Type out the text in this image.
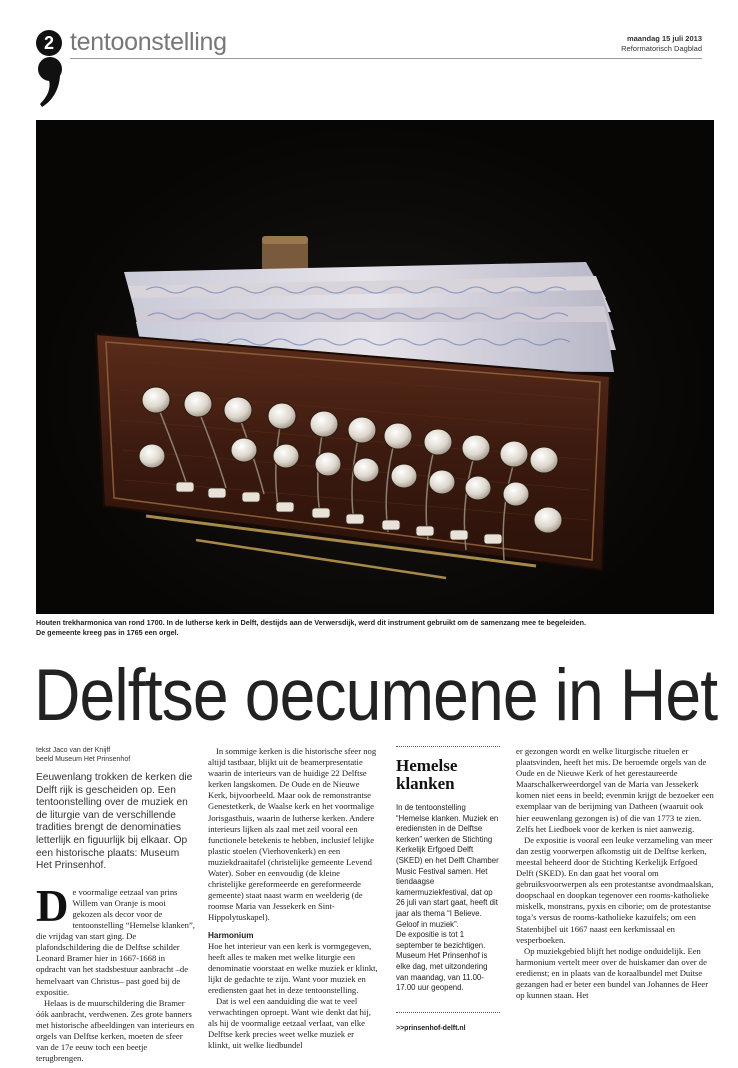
2 tentoonstelling	maandag 15 juli 2013
Reformatorisch Dagblad
Houten trekharmonica van rond 1700. In de lutherse kerk in Delft, destijds aan de Verwersdijk, werd dit instrument gebruikt om de samenzang mee te begeleiden.
De gemeente kreeg pas in 1765 een orgel.
Delftse oecumene in Het
tekst Jaco van der Knijff
beeld Museum Het Prinsenhof
Eeuwenlang trokken de kerken die Delft rijk is gescheiden op. Een tentoonstelling over de muziek en de liturgie van de verschillende tradities brengt de denominaties letterlijk en figuurlijk bij elkaar. Op een historische plaats: Museum Het Prinsenhof.
D e voormalige eetzaal van prins Willem van Oranje is mooi gekozen als decor voor de tentoonstelling “Hemelse klanken”, die vrijdag van start ging. De plafondschildering die de Delftse schilder Leonard Bramer hier in 1667-1668 in opdracht van het stadsbestuur aanbracht –de hemelvaart van Christus– past goed bij de expositie.

Helaas is de muurschildering die Bramer óók aanbracht, verdwenen. Zes grote banners met historische afbeeldingen van interieurs en orgels van Delftse kerken, moeten de sfeer van de 17e eeuw toch een beetje terugbrengen.

In sommige kerken is die historische sfeer nog altijd tastbaar, blijkt uit de beamerpresentatie waarin de interieurs van de huidige 22 Delftse kerken langskomen. De Oude en de Nieuwe Kerk, bijvoorbeeld. Maar ook de remonstrantse Genestetkerk, de Waalse kerk en het voormalige Jorisgasthuis, waarin de lutherse kerken. Andere interieurs lijken als zaal met zeil vooral een functionele betekenis te hebben, inclusief lelijke plastic stoelen (Vierhovenkerk) en een muziekdraaitafel (christelijke gemeente Levend Water). Sober en eenvoudig (de kleine christelijke gereformeerde en gereformeerde gemeente) staat naast warm en weelderig (de roomse Maria van Jessekerk en Sint-Hippolytuskapel).

Harmonium

Hoe het interieur van een kerk is vormgegeven, heeft alles te maken met welke liturgie een denominatie voorstaat en welke muziek er klinkt, lijkt de gedachte te zijn. Want voor muziek en erediensten gaat het in deze tentoonstelling.

Dat is wel een aanduiding die wat te veel verwachtingen oproept. Want wie denkt dat hij, als hij de voormalige eetzaal verlaat, van elke Delftse kerk precies weet welke muziek er klinkt, uit welke liedbundel

Hemelse klanken

In de tentoonstelling “Hemelse klanken. Muziek en erediensten in de Delftse kerken” werken de Stichting Kerkelijk Erfgoed Delft (SKED) en het Delft Chamber Music Festival samen. Het tiendaagse kamermuziekfestival, dat op 26 juli van start gaat, heeft dit jaar als thema “I Believe. Geloof in muziek”.

De expositie is tot 1 september te bezichtigen. Museum Het Prinsenhof is elke dag, met uitzondering van maandag, van 11.00-17.00 uur geopend.

>>prinsenhof-delft.nl

er gezongen wordt en welke liturgische rituelen er plaatsvinden, heeft het mis. De beroemde orgels van de Oude en de Nieuwe Kerk of het gerestaureerde Maarschalkerweerdorgel van de Maria van Jessekerk komen niet eens in beeld; evenmin krijgt de bezoeker een exemplaar van de berijming van Datheen (waaruit ook hier eeuwenlang gezongen is) of die van 1773 te zien. Zelfs het Liedboek voor de kerken is niet aanwezig.

De expositie is vooral een leuke verzameling van meer dan zestig voorwerpen afkomstig uit de Delftse kerken, meestal beheerd door de Stichting Kerkelijk Erfgoed Delft (SKED). En dan gaat het vooral om gebruiksvoorwerpen als een protestantse avondmaalskan, doopschaal en doopkan tegenover een rooms-katholieke miskelk, monstrans, pyxis en ciborie; om de protestantse toga’s versus de rooms-katholieke kazuifels; om een Statenbijbel uit 1667 naast een kerkmissaal en vesperboeken.

Op muziekgebied blijft het nodige onduidelijk. Een harmonium vertelt meer over de huiskamer dan over de eredienst; en in plaats van de koraalbundel met Duitse gezangen had er beter een bundel van Johannes de Heer op kunnen staan. Het
